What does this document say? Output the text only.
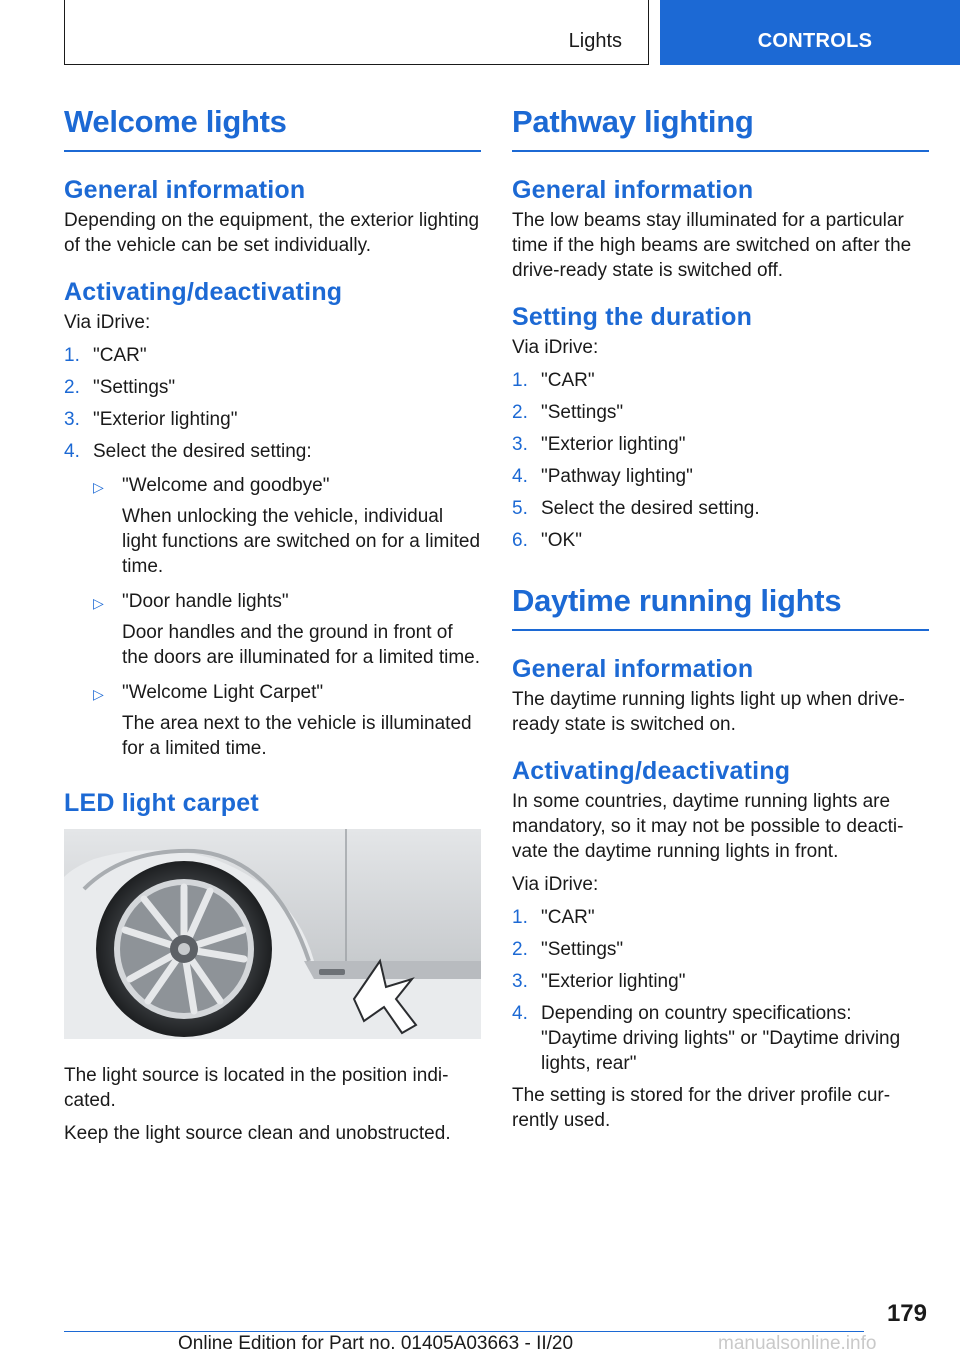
Lights	CONTROLS
Welcome lights
General information

Depending on the equipment, the exterior lighting of the vehicle can be set individually.

Activating/deactivating

Via iDrive:

1. "CAR"
2. "Settings"
3. "Exterior lighting"
4. Select the desired setting:
▷ "Welcome and goodbye"
When unlocking the vehicle, individual light functions are switched on for a limited time.
▷ "Door handle lights"
Door handles and the ground in front of the doors are illuminated for a limited time.
▷ "Welcome Light Carpet"
The area next to the vehicle is illuminated for a limited time.
LED light carpet

The light source is located in the position indicated.

Keep the light source clean and unobstructed.

Pathway lighting
General information

The low beams stay illuminated for a particular time if the high beams are switched on after the drive-ready state is switched off.

Setting the duration

Via iDrive:

1. "CAR"
2. "Settings"
3. "Exterior lighting"
4. "Pathway lighting"
5. Select the desired setting.
6. "OK"
Daytime running lights
General information

The daytime running lights light up when drive-ready state is switched on.

Activating/deactivating

In some countries, daytime running lights are mandatory, so it may not be possible to deactivate the daytime running lights in front.

Via iDrive:

1. "CAR"
2. "Settings"
3. "Exterior lighting"
4. Depending on country specifications: "Daytime driving lights" or "Daytime driving lights, rear"

The setting is stored for the driver profile currently used.

179
Online Edition for Part no. 01405A03663 - II/20	manualsonline.info
